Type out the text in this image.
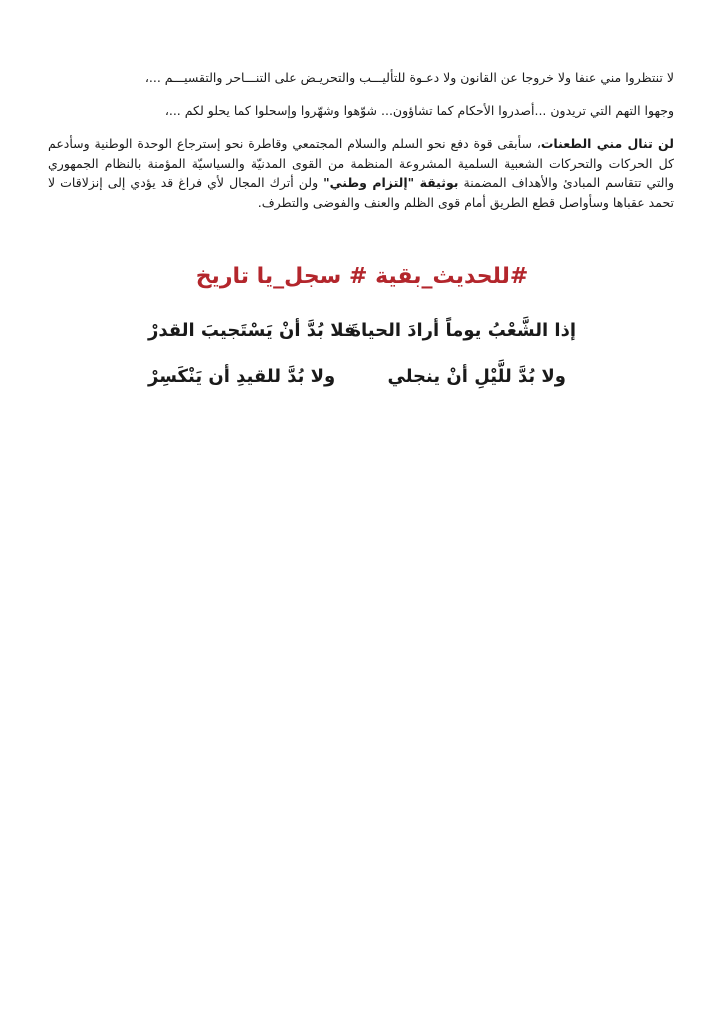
لا تنتظروا مني عنفا ولا خروجا عن القانون ولا دعـوة للتأليـــب والتحريـض على التنـــاحر والتقسيـــم ...،
وجهوا التهم التي تريدون ...أصدروا الأحكام كما تشاؤون... شوّهوا وشهّروا وإسحلوا كما يحلو لكم ...،
لن تنال مني الطعنات، سأبقى قوة دفع نحو السلم والسلام المجتمعي وقاطرة نحو إسترجاع الوحدة الوطنية وسأدعم كل الحركات والتحركات الشعبية السلمية المشروعة المنظمة من القوى المدنيّة والسياسيّة المؤمنة بالنظام الجمهوري والتي تتقاسم المبادئ والأهداف المضمنة بوثيقة "إلتزام وطني" ولن أترك المجال لأي فراغ قد يؤدي إلى إنزلاقات لا تحمد عقباها وسأواصل قطع الطريق أمام قوى الظلم والعنف والفوضى والتطرف.
#للحديث_بقية # سجل_يا تاريخ
إذا الشَّعْبُ يوماً أرادَ الحياةَ
فلا بُدَّ أنْ يَسْتَجيبَ القدرْ
ولا بُدَّ للَّيْلِ أنْ ينجلي
ولا بُدَّ للقيدِ أن يَنْكَسِرْ
